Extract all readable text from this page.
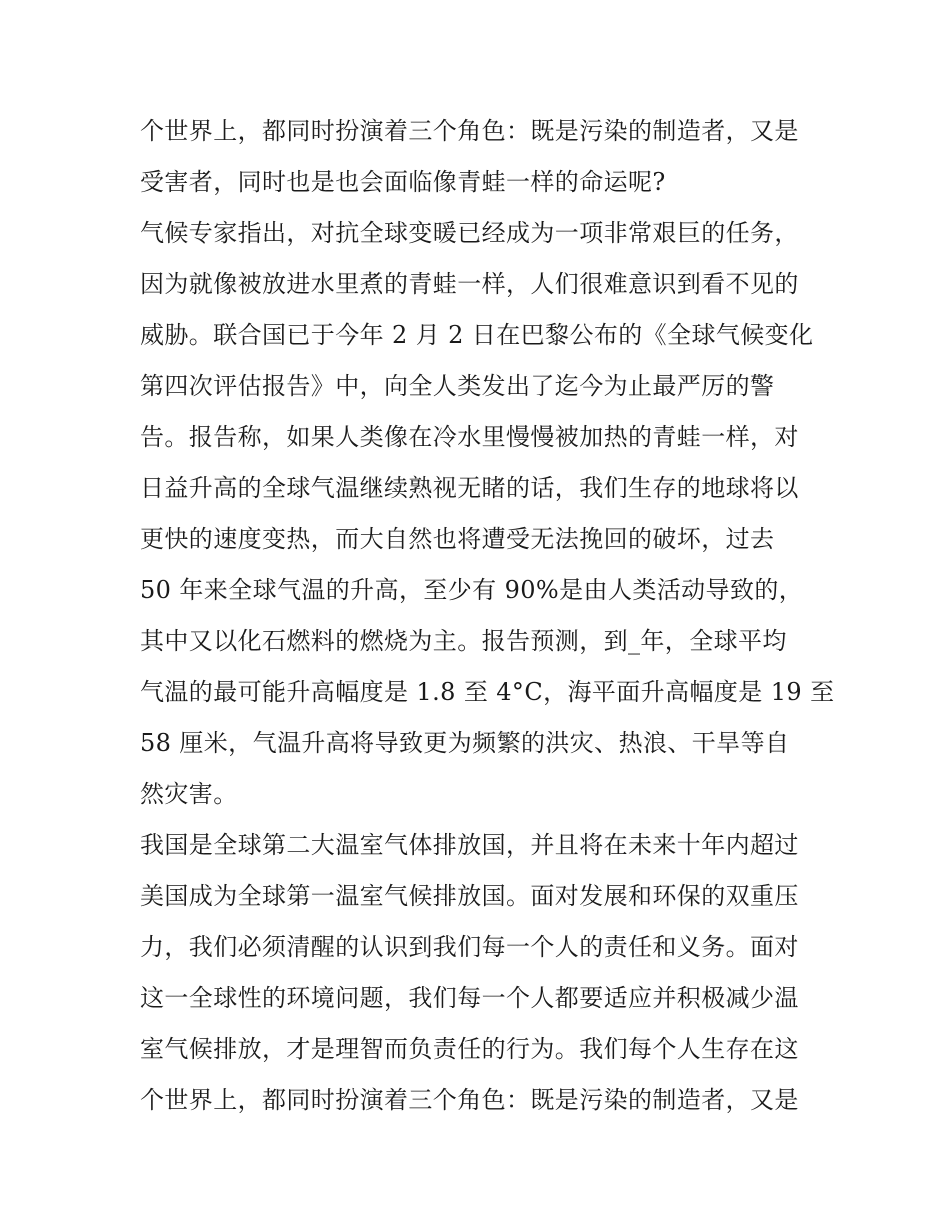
个世界上，都同时扮演着三个角色：既是污染的制造者，又是
受害者，同时也是也会面临像青蛙一样的命运呢?
气候专家指出，对抗全球变暖已经成为一项非常艰巨的任务，
因为就像被放进水里煮的青蛙一样，人们很难意识到看不见的
威胁。联合国已于今年 2 月 2 日在巴黎公布的《全球气候变化
第四次评估报告》中，向全人类发出了迄今为止最严厉的警
告。报告称，如果人类像在冷水里慢慢被加热的青蛙一样，对
日益升高的全球气温继续熟视无睹的话，我们生存的地球将以
更快的速度变热，而大自然也将遭受无法挽回的破坏，过去
50 年来全球气温的升高，至少有 90%是由人类活动导致的，
其中又以化石燃料的燃烧为主。报告预测，到_年，全球平均
气温的最可能升高幅度是 1.8 至 4°C，海平面升高幅度是 19 至
58 厘米，气温升高将导致更为频繁的洪灾、热浪、干旱等自
然灾害。
我国是全球第二大温室气体排放国，并且将在未来十年内超过
美国成为全球第一温室气候排放国。面对发展和环保的双重压
力，我们必须清醒的认识到我们每一个人的责任和义务。面对
这一全球性的环境问题，我们每一个人都要适应并积极减少温
室气候排放，才是理智而负责任的行为。我们每个人生存在这
个世界上，都同时扮演着三个角色：既是污染的制造者，又是
